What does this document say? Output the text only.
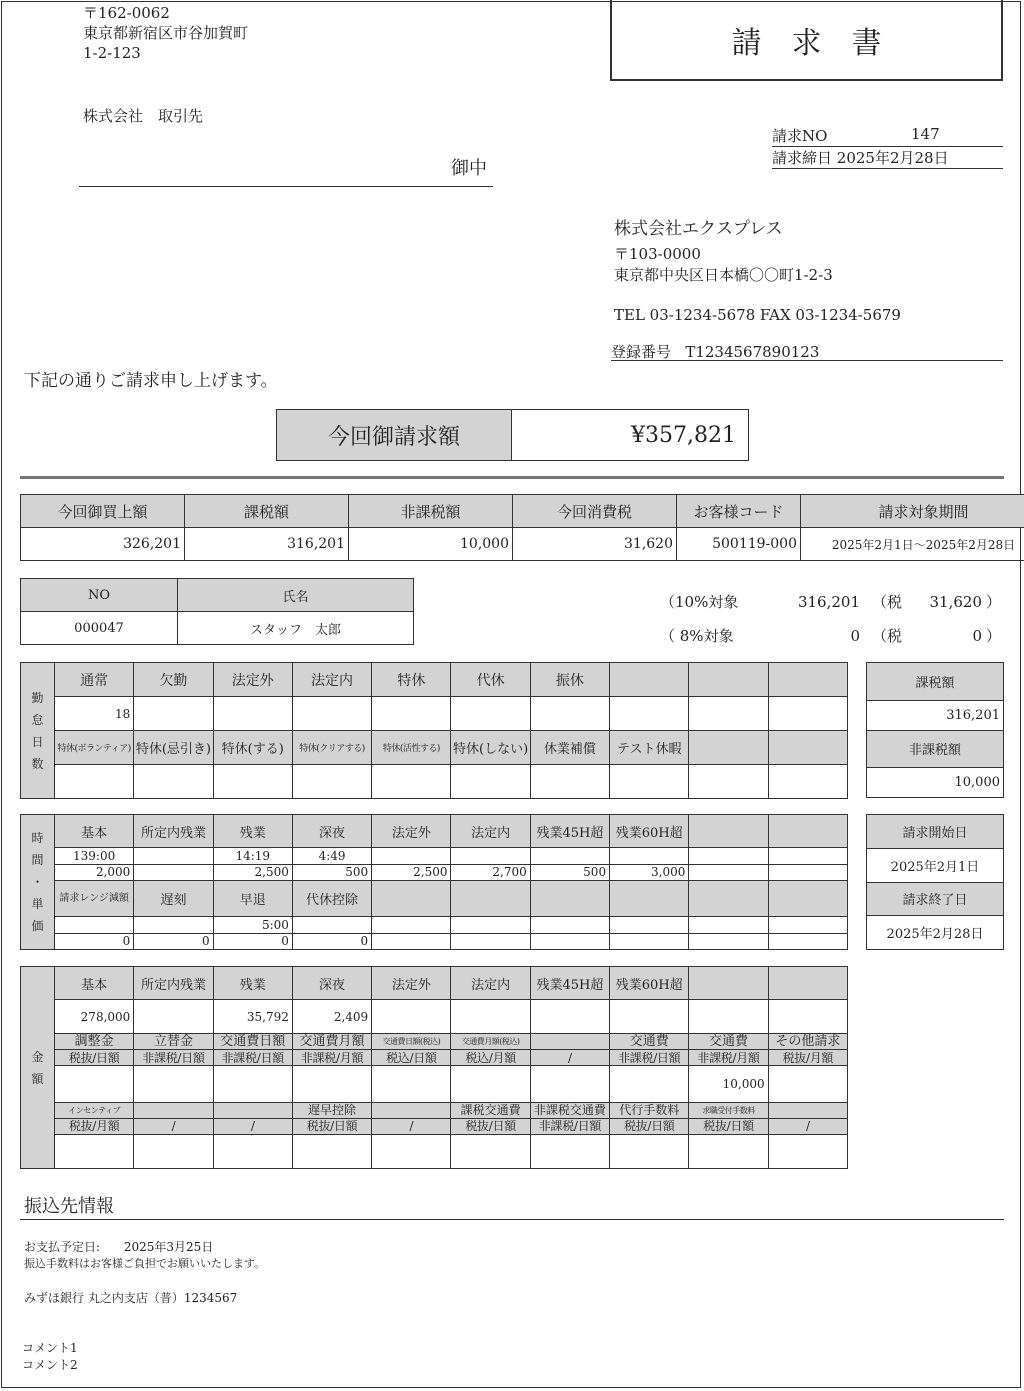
〒162-0062
東京都新宿区市谷加賀町
1-2-123
株式会社　取引先
御中
請　求　書
請求NO	147
請求締日 2025年2月28日
株式会社エクスプレス
〒103-0000
東京都中央区日本橋〇〇町1-2-3
TEL 03-1234-5678 FAX 03-1234-5679
登録番号 T1234567890123
下記の通りご請求申し上げます。
今回御請求額	¥357,821
今回御買上額	課税額	非課税額	今回消費税	お客様コード	請求対象期間
326,201	316,201	10,000	31,620	500119-000	2025年2月1日～2025年2月28日
NO	氏名
000047	スタッフ　太郎
（10%対象	316,201 （税	31,620 ）
（ 8%対象	0 （税	0 ）
勤
怠
日
数	通常	欠勤	法定外	法定内	特休	代休	振休			
	18									
	特休(ボランティア)	特休(忌引き)	特休(する)	特休(クリアする)	特休(活性する)	特休(しない)	休業補償	テスト休暇		

課税額
316,201
非課税額
10,000
時
間
・
単
価	基本	所定内残業	残業	深夜	法定外	法定内	残業45H超	残業60H超		
	139:00		14:19	4:49						
	2,000		2,500	500	2,500	2,700	500	3,000		
	請求レンジ減額	遅刻	早退	代休控除						
			5:00							
	0	0	0	0						
請求開始日
2025年2月1日
請求終了日
2025年2月28日
金
額	基本	所定内残業	残業	深夜	法定外	法定内	残業45H超	残業60H超		
	278,000		35,792	2,409						
	調整金	立替金	交通費日額	交通費月額	交通費日額(税込)	交通費月額(税込)		交通費	交通費	その他請求
	税抜/日額	非課税/日額	非課税/日額	非課税/月額	税込/日額	税込/月額	/	非課税/日額	非課税/月額	税抜/月額
									10,000	
	インセンティブ			遅早控除		課税交通費	非課税交通費	代行手数料	求職受付手数料	
	税抜/月額	/	/	税抜/日額	/	税抜/日額	非課税/日額	税抜/日額	税抜/日額	/

振込先情報
お支払予定日: 2025年3月25日
振込手数料はお客様ご負担でお願いいたします。
みずほ銀行 丸之内支店（普）1234567
コメント1
コメント2
